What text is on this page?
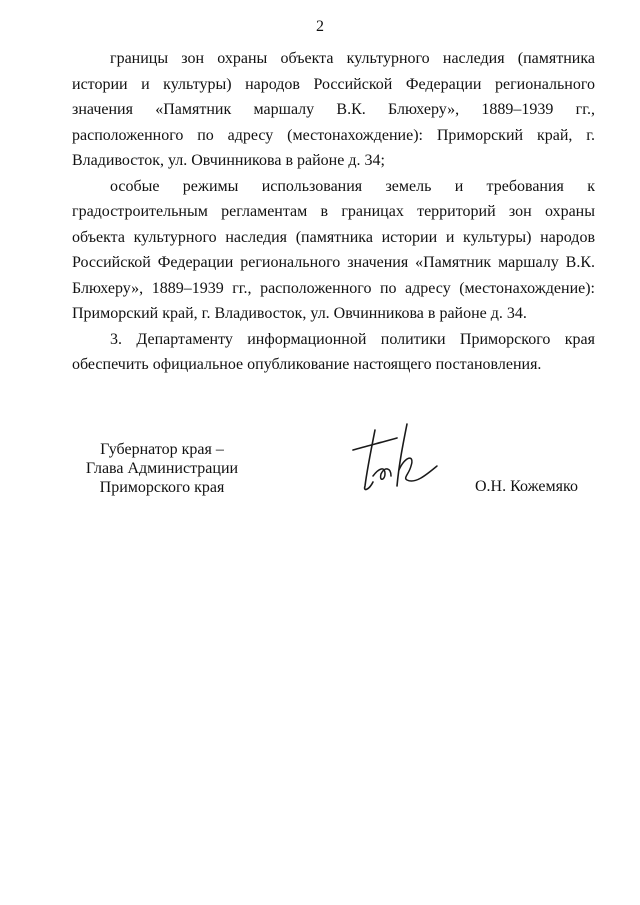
2

границы зон охраны объекта культурного наследия (памятника истории и культуры) народов Российской Федерации регионального значения «Памятник маршалу В.К. Блюхеру», 1889–1939 гг., расположенного по адресу (местонахождение): Приморский край, г. Владивосток, ул. Овчинникова в районе д. 34;

особые режимы использования земель и требования к градостроительным регламентам в границах территорий зон охраны объекта культурного наследия (памятника истории и культуры) народов Российской Федерации регионального значения «Памятник маршалу В.К. Блюхеру», 1889–1939 гг., расположенного по адресу (местонахождение): Приморский край, г. Владивосток, ул. Овчинникова в районе д. 34.

3. Департаменту информационной политики Приморского края обеспечить официальное опубликование настоящего постановления.

Губернатор края –
Глава Администрации
Приморского края	О.Н. Кожемяко
